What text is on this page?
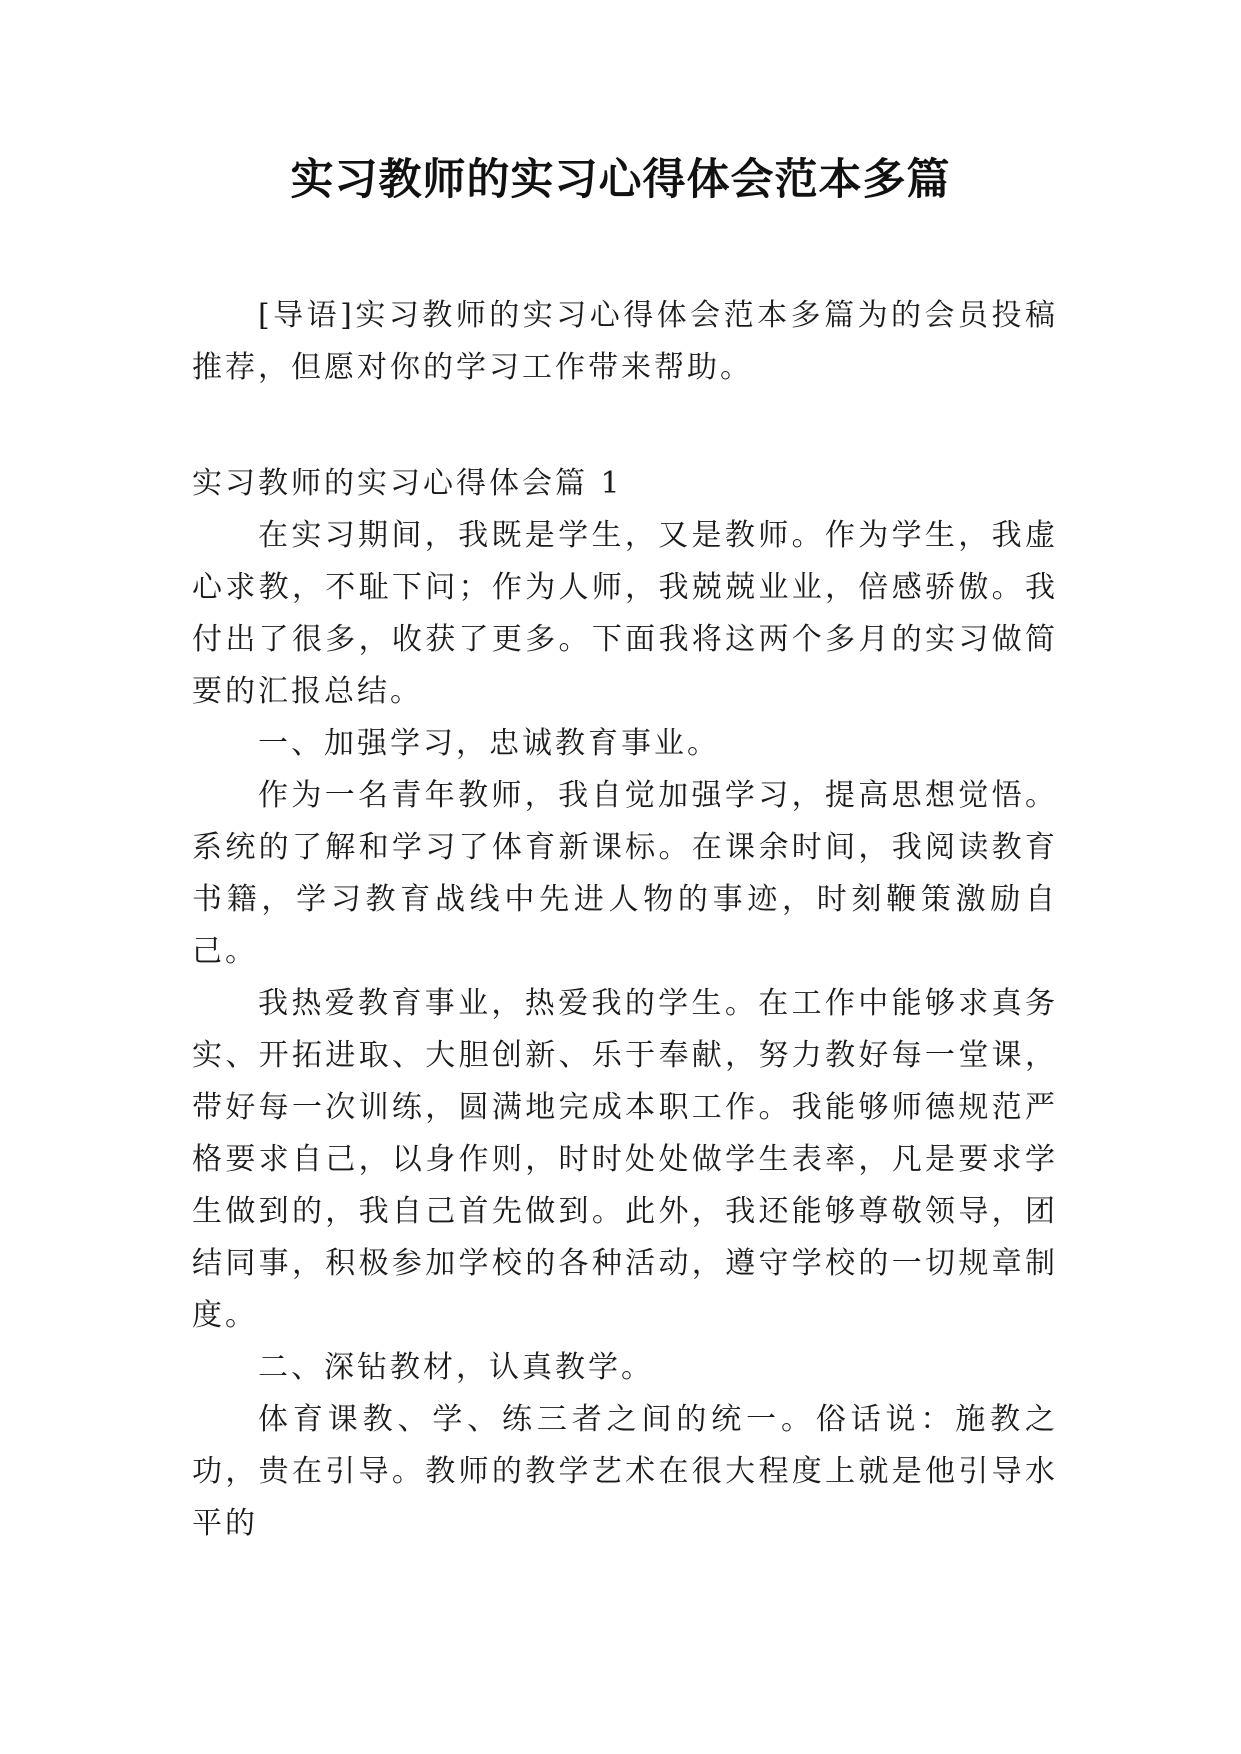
实习教师的实习心得体会范本多篇

[导语]实习教师的实习心得体会范本多篇为的会员投稿推荐，但愿对你的学习工作带来帮助。

实习教师的实习心得体会篇 1

在实习期间，我既是学生，又是教师。作为学生，我虚心求教，不耻下问；作为人师，我兢兢业业，倍感骄傲。我付出了很多，收获了更多。下面我将这两个多月的实习做简要的汇报总结。

一、加强学习，忠诚教育事业。

作为一名青年教师，我自觉加强学习，提高思想觉悟。系统的了解和学习了体育新课标。在课余时间，我阅读教育书籍，学习教育战线中先进人物的事迹，时刻鞭策激励自己。

我热爱教育事业，热爱我的学生。在工作中能够求真务实、开拓进取、大胆创新、乐于奉献，努力教好每一堂课，带好每一次训练，圆满地完成本职工作。我能够师德规范严格要求自己，以身作则，时时处处做学生表率，凡是要求学生做到的，我自己首先做到。此外，我还能够尊敬领导，团结同事，积极参加学校的各种活动，遵守学校的一切规章制度。

二、深钻教材，认真教学。

体育课教、学、练三者之间的统一。俗话说：施教之功，贵在引导。教师的教学艺术在很大程度上就是他引导水平的
